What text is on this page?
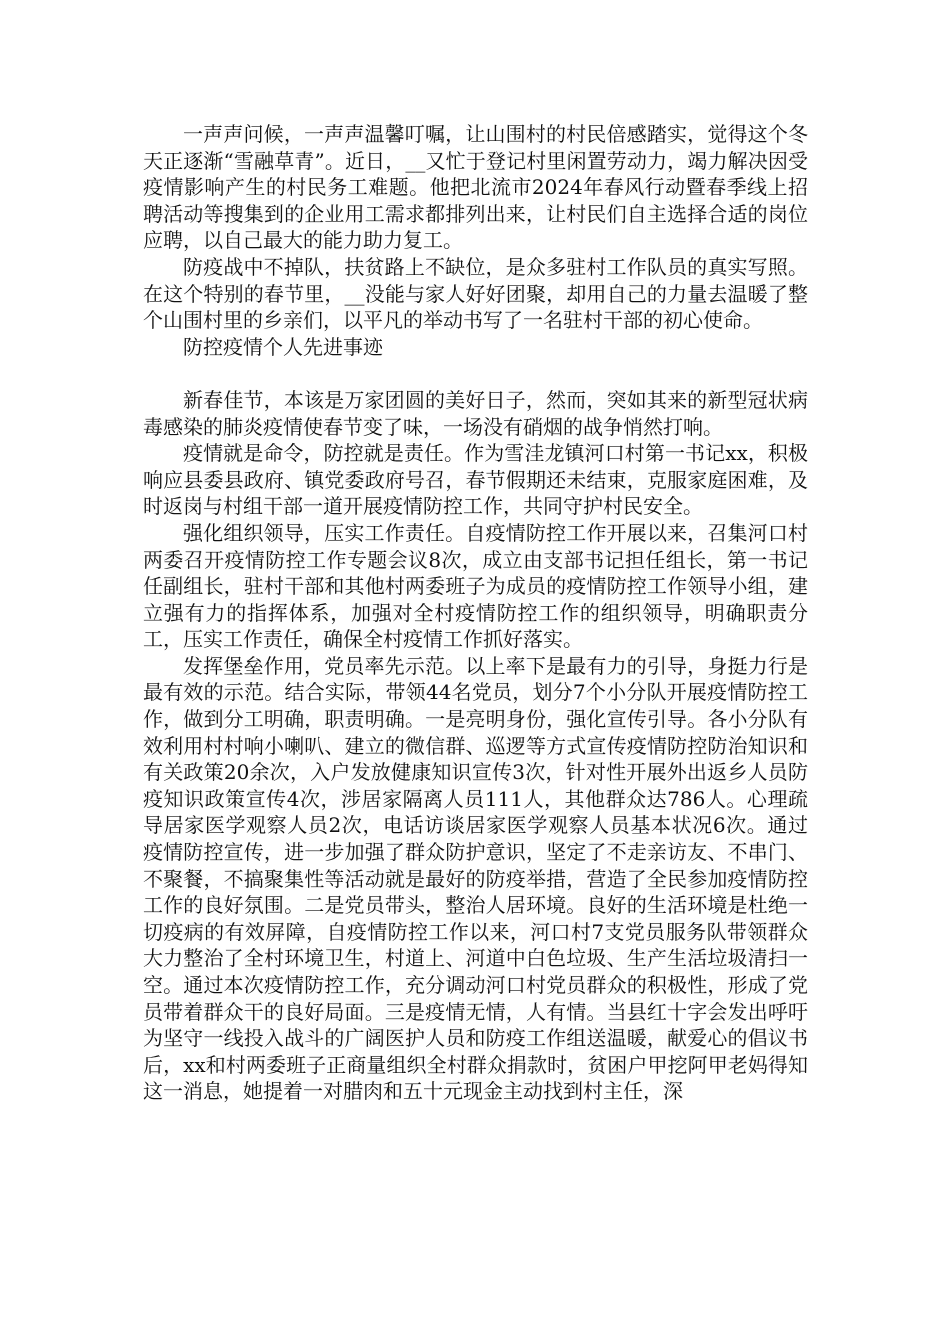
一声声问候，一声声温馨叮嘱，让山围村的村民倍感踏实，觉得这个冬天正逐渐“雪融草青”。近日，__又忙于登记村里闲置劳动力，竭力解决因受疫情影响产生的村民务工难题。他把北流市2024年春风行动暨春季线上招聘活动等搜集到的企业用工需求都排列出来，让村民们自主选择合适的岗位应聘，以自己最大的能力助力复工。

防疫战中不掉队，扶贫路上不缺位，是众多驻村工作队员的真实写照。在这个特别的春节里，__没能与家人好好团聚，却用自己的力量去温暖了整个山围村里的乡亲们，以平凡的举动书写了一名驻村干部的初心使命。

防控疫情个人先进事迹

新春佳节，本该是万家团圆的美好日子，然而，突如其来的新型冠状病毒感染的肺炎疫情使春节变了味，一场没有硝烟的战争悄然打响。

疫情就是命令，防控就是责任。作为雪洼龙镇河口村第一书记xx，积极响应县委县政府、镇党委政府号召，春节假期还未结束，克服家庭困难，及时返岗与村组干部一道开展疫情防控工作，共同守护村民安全。

强化组织领导，压实工作责任。自疫情防控工作开展以来，召集河口村两委召开疫情防控工作专题会议8次，成立由支部书记担任组长，第一书记任副组长，驻村干部和其他村两委班子为成员的疫情防控工作领导小组，建立强有力的指挥体系，加强对全村疫情防控工作的组织领导，明确职责分工，压实工作责任，确保全村疫情工作抓好落实。

发挥堡垒作用，党员率先示范。以上率下是最有力的引导，身挺力行是最有效的示范。结合实际，带领44名党员，划分7个小分队开展疫情防控工作，做到分工明确，职责明确。一是亮明身份，强化宣传引导。各小分队有效利用村村响小喇叭、建立的微信群、巡逻等方式宣传疫情防控防治知识和有关政策20余次，入户发放健康知识宣传3次，针对性开展外出返乡人员防疫知识政策宣传4次，涉居家隔离人员111人，其他群众达786人。心理疏导居家医学观察人员2次，电话访谈居家医学观察人员基本状况6次。通过疫情防控宣传，进一步加强了群众防护意识，坚定了不走亲访友、不串门、不聚餐，不搞聚集性等活动就是最好的防疫举措，营造了全民参加疫情防控工作的良好氛围。二是党员带头，整治人居环境。良好的生活环境是杜绝一切疫病的有效屏障，自疫情防控工作以来，河口村7支党员服务队带领群众大力整治了全村环境卫生，村道上、河道中白色垃圾、生产生活垃圾清扫一空。通过本次疫情防控工作，充分调动河口村党员群众的积极性，形成了党员带着群众干的良好局面。三是疫情无情，人有情。当县红十字会发出呼吁为坚守一线投入战斗的广阔医护人员和防疫工作组送温暖，献爱心的倡议书后，xx和村两委班子正商量组织全村群众捐款时，贫困户甲挖阿甲老妈得知这一消息，她提着一对腊肉和五十元现金主动找到村主任，深
